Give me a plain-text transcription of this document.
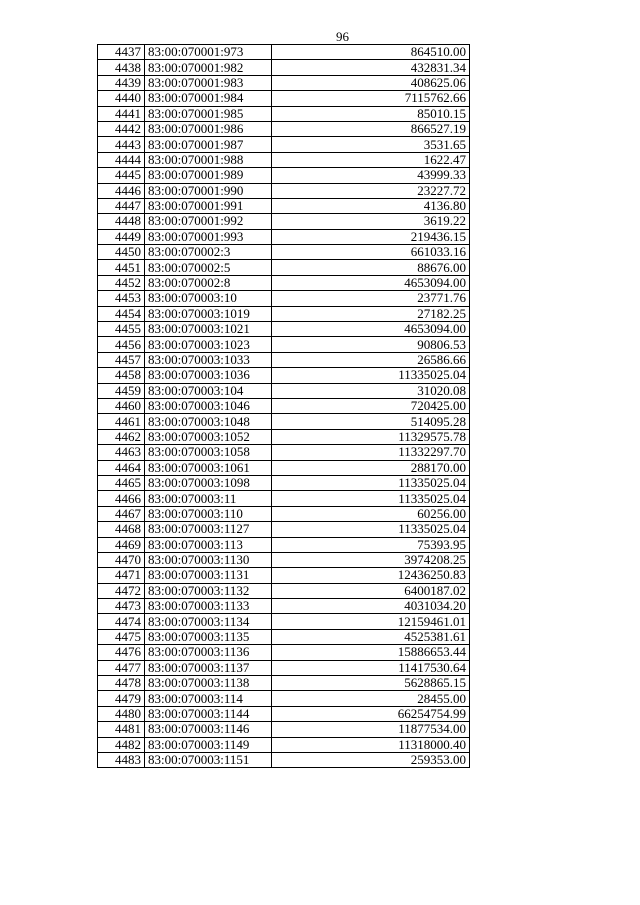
96
4437	83:00:070001:973	864510.00
4438	83:00:070001:982	432831.34
4439	83:00:070001:983	408625.06
4440	83:00:070001:984	7115762.66
4441	83:00:070001:985	85010.15
4442	83:00:070001:986	866527.19
4443	83:00:070001:987	3531.65
4444	83:00:070001:988	1622.47
4445	83:00:070001:989	43999.33
4446	83:00:070001:990	23227.72
4447	83:00:070001:991	4136.80
4448	83:00:070001:992	3619.22
4449	83:00:070001:993	219436.15
4450	83:00:070002:3	661033.16
4451	83:00:070002:5	88676.00
4452	83:00:070002:8	4653094.00
4453	83:00:070003:10	23771.76
4454	83:00:070003:1019	27182.25
4455	83:00:070003:1021	4653094.00
4456	83:00:070003:1023	90806.53
4457	83:00:070003:1033	26586.66
4458	83:00:070003:1036	11335025.04
4459	83:00:070003:104	31020.08
4460	83:00:070003:1046	720425.00
4461	83:00:070003:1048	514095.28
4462	83:00:070003:1052	11329575.78
4463	83:00:070003:1058	11332297.70
4464	83:00:070003:1061	288170.00
4465	83:00:070003:1098	11335025.04
4466	83:00:070003:11	11335025.04
4467	83:00:070003:110	60256.00
4468	83:00:070003:1127	11335025.04
4469	83:00:070003:113	75393.95
4470	83:00:070003:1130	3974208.25
4471	83:00:070003:1131	12436250.83
4472	83:00:070003:1132	6400187.02
4473	83:00:070003:1133	4031034.20
4474	83:00:070003:1134	12159461.01
4475	83:00:070003:1135	4525381.61
4476	83:00:070003:1136	15886653.44
4477	83:00:070003:1137	11417530.64
4478	83:00:070003:1138	5628865.15
4479	83:00:070003:114	28455.00
4480	83:00:070003:1144	66254754.99
4481	83:00:070003:1146	11877534.00
4482	83:00:070003:1149	11318000.40
4483	83:00:070003:1151	259353.00
